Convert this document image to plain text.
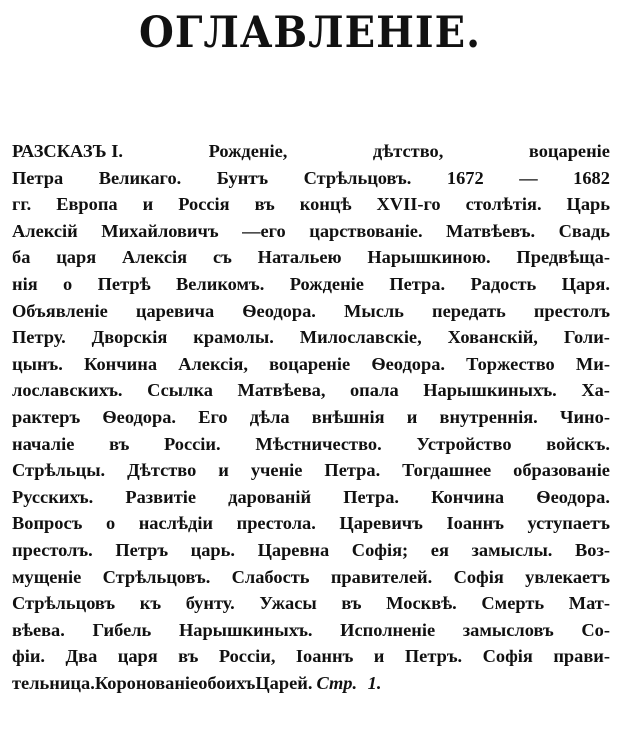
ОГЛАВЛЕНІЕ.
РАЗСКАЗЪ I.	Рожденіе,	дѣтство,	воцареніе
Петра Великаго. Бунтъ Стрѣльцовъ. 1672 — 1682
гг. Европа и Россія въ концѣ XVII-го столѣтія. Царь
Алексій Михайловичъ —его царствованіе. Матвѣевъ. Свадь
ба царя Алексія съ Натальею Нарышкиною. Предвѣща-
нія о Петрѣ Великомъ. Рожденіе Петра. Радость Царя.
Объявленіе царевича Ѳеодора. Мысль передать престолъ
Петру. Дворскія крамолы. Милославскіе, Хованскій, Голи-
цынъ. Кончина Алексія, воцареніе Ѳеодора. Торжество Ми-
лославскихъ. Ссылка Матвѣева, опала Нарышкиныхъ. Ха-
рактеръ Ѳеодора. Его дѣла внѣшнія и внутреннія. Чино-
началіе въ Россіи. Мѣстничество. Устройство войскъ.
Стрѣльцы. Дѣтство и ученіе Петра. Тогдашнее образованіе
Русскихъ. Развитіе дарованій Петра. Кончина Ѳеодора.
Вопросъ о наслѣдіи престола. Царевичъ Іоаннъ уступаетъ
престолъ. Петръ царь. Царевна Софія; ея замыслы. Воз-
мущеніе Стрѣльцовъ. Слабость правителей. Софія увлекаетъ
Стрѣльцовъ къ бунту. Ужасы въ Москвѣ. Смерть Мат-
вѣева. Гибель Нарышкиныхъ. Исполненіе замысловъ Со-
фіи. Два царя въ Россіи, Іоаннъ и Петръ. Софія прави-
тельница. Коронованіе обоихъ Царей. Стр. 1.
